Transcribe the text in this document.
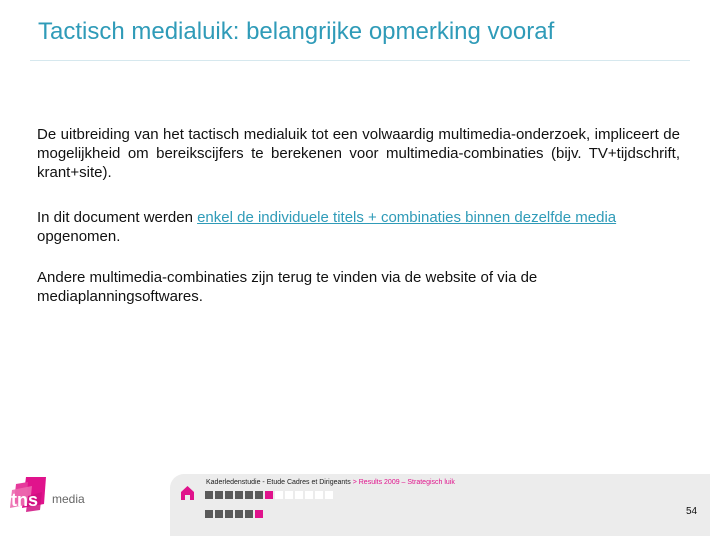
Tactisch medialuik: belangrijke opmerking vooraf
De uitbreiding van het tactisch medialuik tot een volwaardig multimedia-onderzoek, impliceert de mogelijkheid om bereikscijfers te berekenen voor multimedia-combinaties (bijv. TV+tijdschrift, krant+site).
In dit document werden enkel de individuele titels + combinaties binnen dezelfde media opgenomen.
Andere multimedia-combinaties zijn terug te vinden via de website of via de mediaplanningsoftwares.
tns media
Kaderledenstudie - Etude Cadres et Dirigeants > Results 2009 – Strategisch luik
54
